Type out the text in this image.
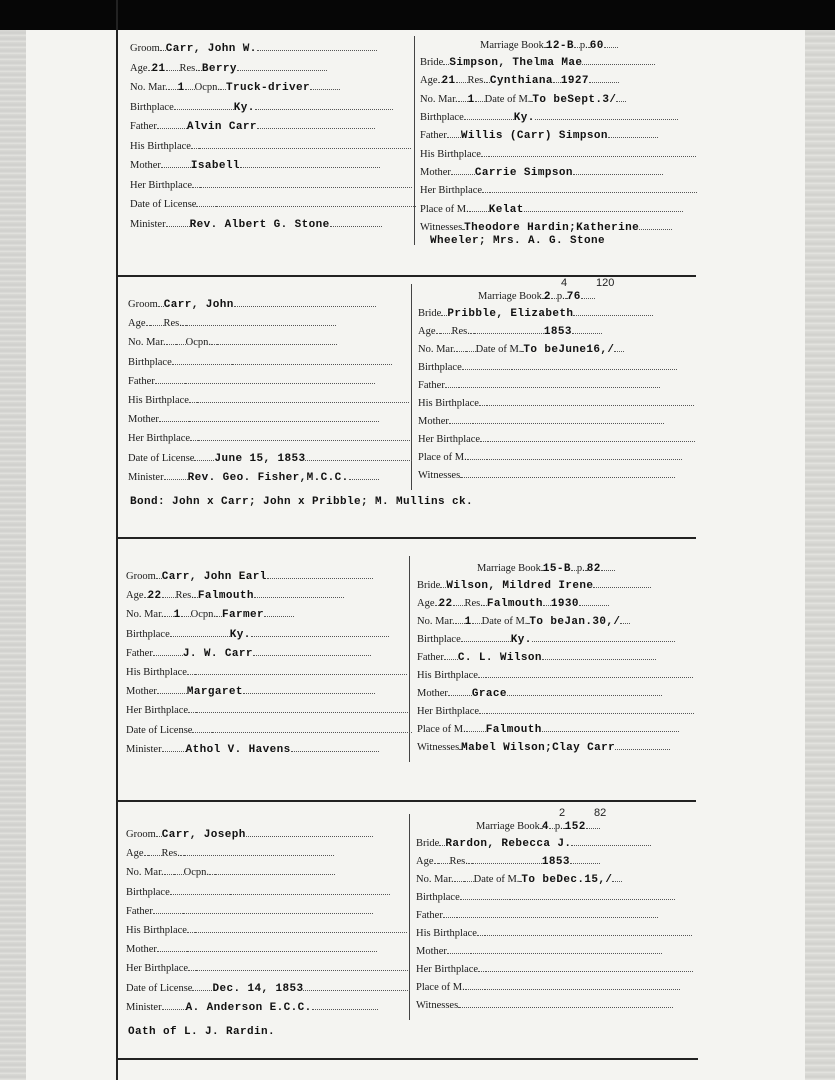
Groom Carr, John W.
Age 21 Res. Berry
No. Mar. 1 Ocpn. Truck-driver
Birthplace	Ky.
Father	Alvin Carr
His Birthplace
Mother	Isabell
Her Birthplace
Date of License
Minister Rev. Albert G. Stone
Marriage Book 12-B p. 60
Bride Simpson, Thelma Mae
Age 21 Res. Cynthiana 1927
No. Mar. 1 Date of M. To beSept.3/
Birthplace	Ky.
Father Willis (Carr) Simpson
His Birthplace
Mother Carrie Simpson
Her Birthplace
Place of M. Kelat
Witnesses Theodore Hardin;Katherine
Wheeler; Mrs. A. G. Stone
Groom Carr, John
Age Res.
No. Mar. Ocpn.
Birthplace
Father
His Birthplace
Mother
Her Birthplace
Date of License June 15, 1853
Minister Rev. Geo. Fisher,M.C.C.
Marriage Book 2 p. 76
4	120
Bride Pribble, Elizabeth
Age Res.	1853
No. Mar. Date of M. To beJune16,/
Birthplace
Father
His Birthplace
Mother
Her Birthplace
Place of M.
Witnesses
Bond: John x Carr; John x Pribble; M. Mullins ck.
Groom Carr, John Earl
Age 22 Res. Falmouth
No. Mar. 1 Ocpn. Farmer
Birthplace	Ky.
Father	J. W. Carr
His Birthplace
Mother	Margaret
Her Birthplace
Date of License
Minister Athol V. Havens
Marriage Book 15-B p. 82
Bride Wilson, Mildred Irene
Age 22 Res. Falmouth 1930
No. Mar. 1 Date of M. To beJan.30,/
Birthplace	Ky.
Father C. L. Wilson
His Birthplace
Mother Grace
Her Birthplace
Place of M. Falmouth
Witnesses Mabel Wilson;Clay Carr
Groom Carr, Joseph
Age Res.
No. Mar. Ocpn.
Birthplace
Father
His Birthplace
Mother
Her Birthplace
Date of License Dec. 14, 1853
Minister A. Anderson E.C.C.
Marriage Book 4 p. 152
2	82
Bride Rardon, Rebecca J.
Age Res.	1853
No. Mar. Date of M. To beDec.15,/
Birthplace
Father
His Birthplace
Mother
Her Birthplace
Place of M.
Witnesses
Oath of L. J. Rardin.
